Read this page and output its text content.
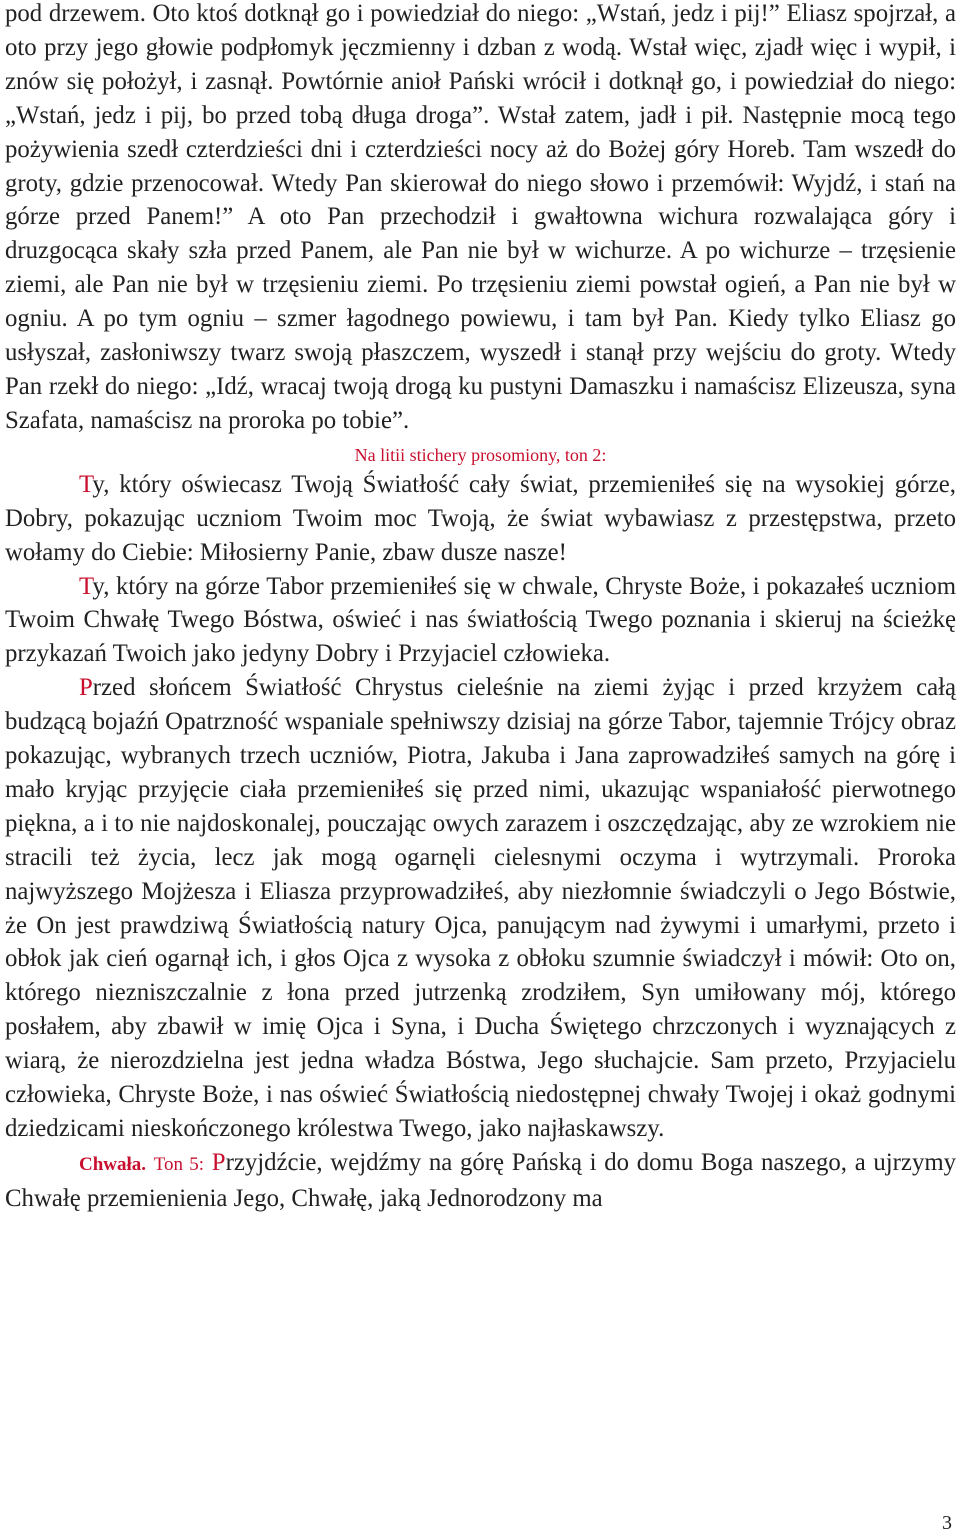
pod drzewem. Oto ktoś dotknął go i powiedział do niego: „Wstań, jedz i pij!” Eliasz spojrzał, a oto przy jego głowie podpłomyk jęczmienny i dzban z wodą. Wstał więc, zjadł więc i wypił, i znów się położył, i zasnął. Powtórnie anioł Pański wrócił i dotknął go, i powiedział do niego: „Wstań, jedz i pij, bo przed tobą długa droga”. Wstał zatem, jadł i pił. Następnie mocą tego pożywienia szedł czterdzieści dni i czterdzieści nocy aż do Bożej góry Horeb. Tam wszedł do groty, gdzie przenocował. Wtedy Pan skierował do niego słowo i przemówił: Wyjdź, i stań na górze przed Panem!” A oto Pan przechodził i gwałtowna wichura rozwalająca góry i druzgocąca skały szła przed Panem, ale Pan nie był w wichurze. A po wichurze – trzęsienie ziemi, ale Pan nie był w trzęsieniu ziemi. Po trzęsieniu ziemi powstał ogień, a Pan nie był w ogniu. A po tym ogniu – szmer łagodnego powiewu, i tam był Pan. Kiedy tylko Eliasz go usłyszał, zasłoniwszy twarz swoją płaszczem, wyszedł i stanął przy wejściu do groty. Wtedy Pan rzekł do niego: „Idź, wracaj twoją drogą ku pustyni Damaszku i namaścisz Elizeusza, syna Szafata, namaścisz na proroka po tobie”.

Na litii stichery prosomiony, ton 2:

Ty, który oświecasz Twoją Światłość cały świat, przemieniłeś się na wysokiej górze, Dobry, pokazując uczniom Twoim moc Twoją, że świat wybawiasz z przestępstwa, przeto wołamy do Ciebie: Miłosierny Panie, zbaw dusze nasze!

Ty, który na górze Tabor przemieniłeś się w chwale, Chryste Boże, i pokazałeś uczniom Twoim Chwałę Twego Bóstwa, oświeć i nas światłością Twego poznania i skieruj na ścieżkę przykazań Twoich jako jedyny Dobry i Przyjaciel człowieka.

Przed słońcem Światłość Chrystus cieleśnie na ziemi żyjąc i przed krzyżem całą budzącą bojaźń Opatrzność wspaniale spełniwszy dzisiaj na górze Tabor, tajemnie Trójcy obraz pokazując, wybranych trzech uczniów, Piotra, Jakuba i Jana zaprowadziłeś samych na górę i mało kryjąc przyjęcie ciała przemieniłeś się przed nimi, ukazując wspaniałość pierwotnego piękna, a i to nie najdoskonalej, pouczając owych zarazem i oszczędzając, aby ze wzrokiem nie stracili też życia, lecz jak mogą ogarnęli cielesnymi oczyma i wytrzymali. Proroka najwyższego Mojżesza i Eliasza przyprowadziłeś, aby niezłomnie świadczyli o Jego Bóstwie, że On jest prawdziwą Światłością natury Ojca, panującym nad żywymi i umarłymi, przeto i obłok jak cień ogarnął ich, i głos Ojca z wysoka z obłoku szumnie świadczył i mówił: Oto on, którego niezniszczalnie z łona przed jutrzenką zrodziłem, Syn umiłowany mój, którego posłałem, aby zbawił w imię Ojca i Syna, i Ducha Świętego chrzczonych i wyznających z wiarą, że nierozdzielna jest jedna władza Bóstwa, Jego słuchajcie. Sam przeto, Przyjacielu człowieka, Chryste Boże, i nas oświeć Światłością niedostępnej chwały Twojej i okaż godnymi dziedzicami nieskończonego królestwa Twego, jako najłaskawszy.

Chwała. Ton 5: Przyjdźcie, wejdźmy na górę Pańską i do domu Boga naszego, a ujrzymy Chwałę przemienienia Jego, Chwałę, jaką Jednorodzony ma

3
